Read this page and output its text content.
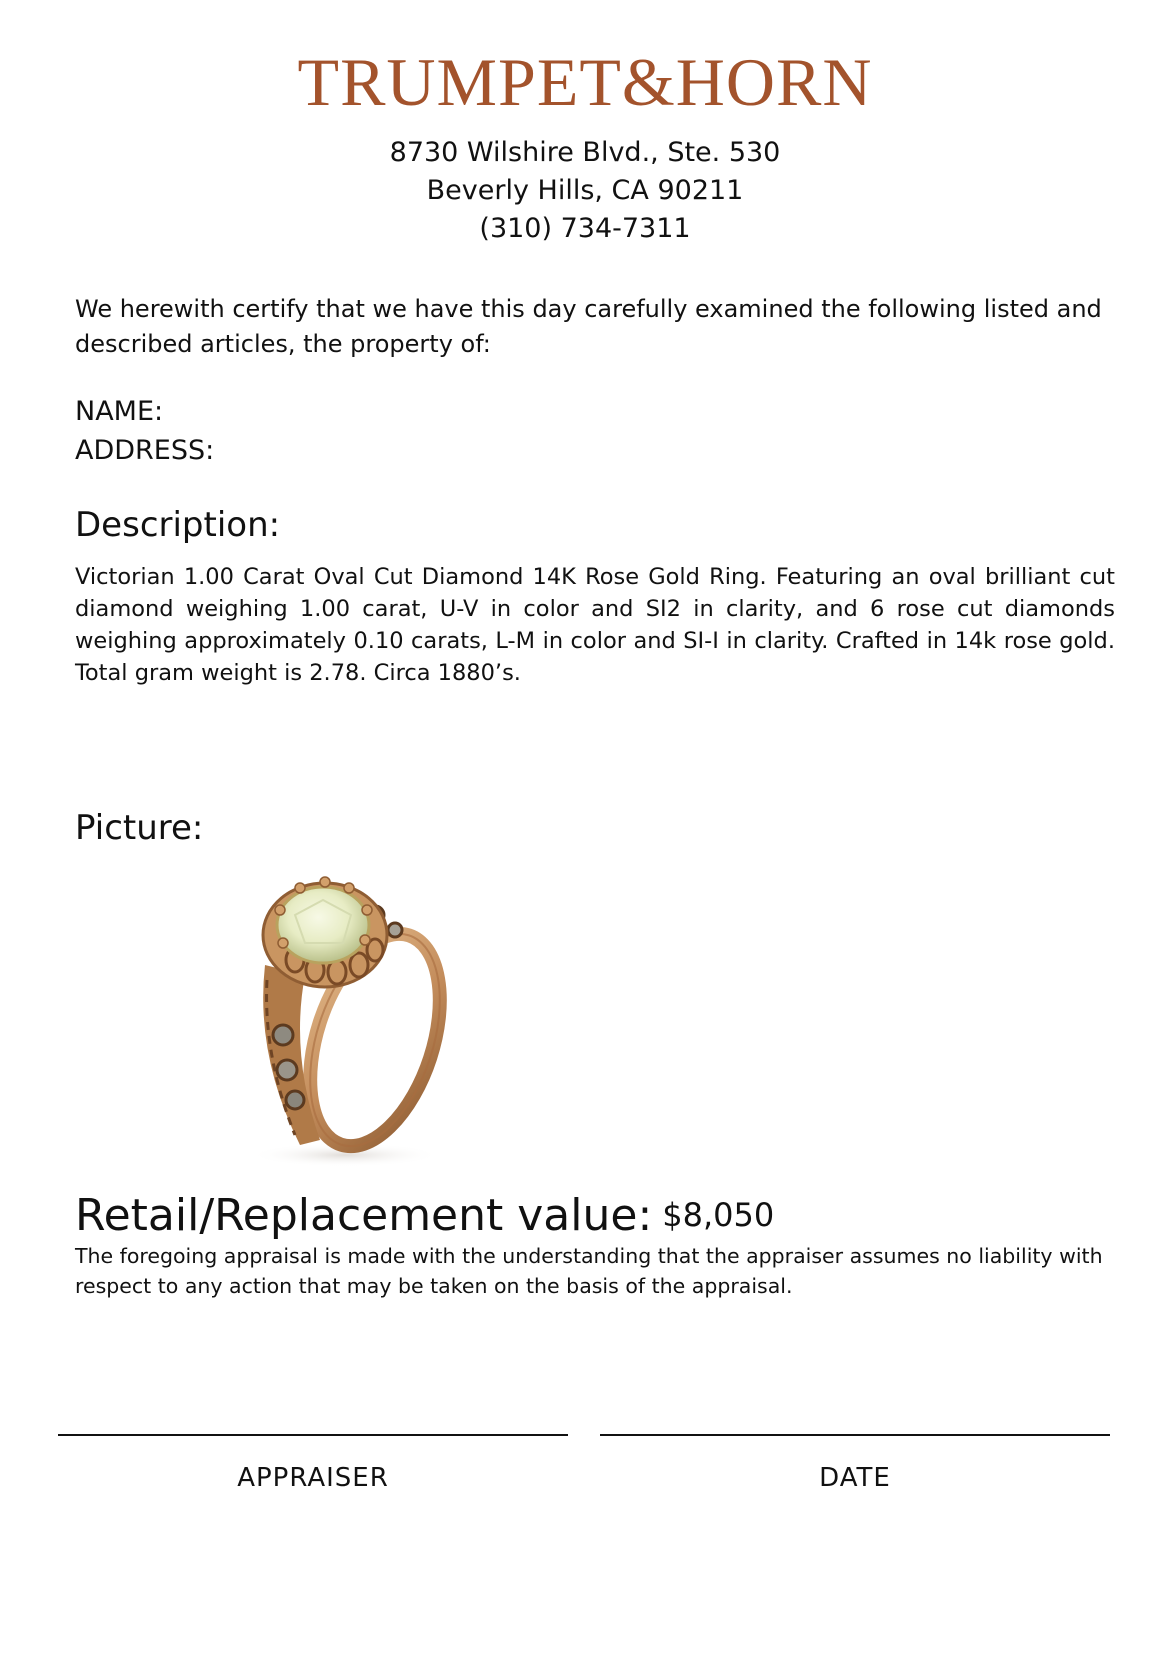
TRUMPET&HORN
8730 Wilshire Blvd., Ste. 530
Beverly Hills, CA 90211
(310) 734-7311
We herewith certify that we have this day carefully examined the following listed and described articles, the property of:
NAME:
ADDRESS:
Description:
Victorian 1.00 Carat Oval Cut Diamond 14K Rose Gold Ring. Featuring an oval brilliant cut diamond weighing 1.00 carat, U-V in color and SI2 in clarity, and 6 rose cut diamonds weighing approximately 0.10 carats, L-M in color and SI-I in clarity. Crafted in 14k rose gold. Total gram weight is 2.78. Circa 1880’s.
Picture:
Retail/Replacement value: $8,050
The foregoing appraisal is made with the understanding that the appraiser assumes no liability with respect to any action that may be taken on the basis of the appraisal.
APPRAISER	DATE
